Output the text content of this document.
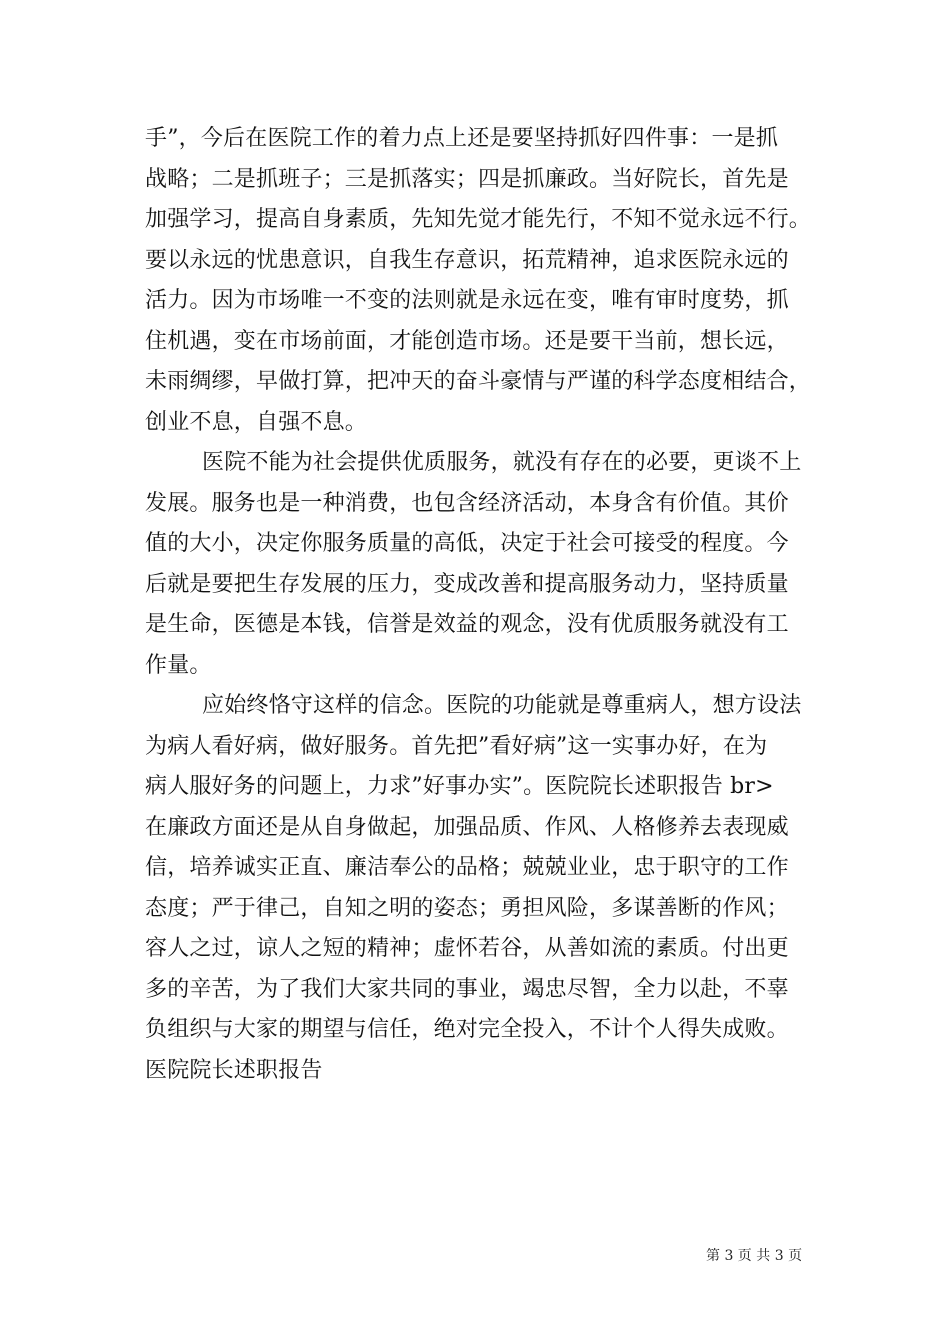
手”，今后在医院工作的着力点上还是要坚持抓好四件事：一是抓
战略；二是抓班子；三是抓落实；四是抓廉政。当好院长，首先是
加强学习，提高自身素质，先知先觉才能先行，不知不觉永远不行。
要以永远的忧患意识，自我生存意识，拓荒精神，追求医院永远的
活力。因为市场唯一不变的法则就是永远在变，唯有审时度势，抓
住机遇，变在市场前面，才能创造市场。还是要干当前，想长远，
未雨绸缪，早做打算，把冲天的奋斗豪情与严谨的科学态度相结合，
创业不息，自强不息。
医院不能为社会提供优质服务，就没有存在的必要，更谈不上
发展。服务也是一种消费，也包含经济活动，本身含有价值。其价
值的大小，决定你服务质量的高低，决定于社会可接受的程度。今
后就是要把生存发展的压力，变成改善和提高服务动力，坚持质量
是生命，医德是本钱，信誉是效益的观念，没有优质服务就没有工
作量。
应始终恪守这样的信念。医院的功能就是尊重病人，想方设法
为病人看好病，做好服务。首先把”看好病”这一实事办好，在为
病人服好务的问题上，力求”好事办实”。医院院长述职报告 br>
在廉政方面还是从自身做起，加强品质、作风、人格修养去表现威
信，培养诚实正直、廉洁奉公的品格；兢兢业业，忠于职守的工作
态度；严于律己，自知之明的姿态；勇担风险，多谋善断的作风；
容人之过，谅人之短的精神；虚怀若谷，从善如流的素质。付出更
多的辛苦，为了我们大家共同的事业，竭忠尽智，全力以赴，不辜
负组织与大家的期望与信任，绝对完全投入，不计个人得失成败。
医院院长述职报告
第 3 页 共 3 页
